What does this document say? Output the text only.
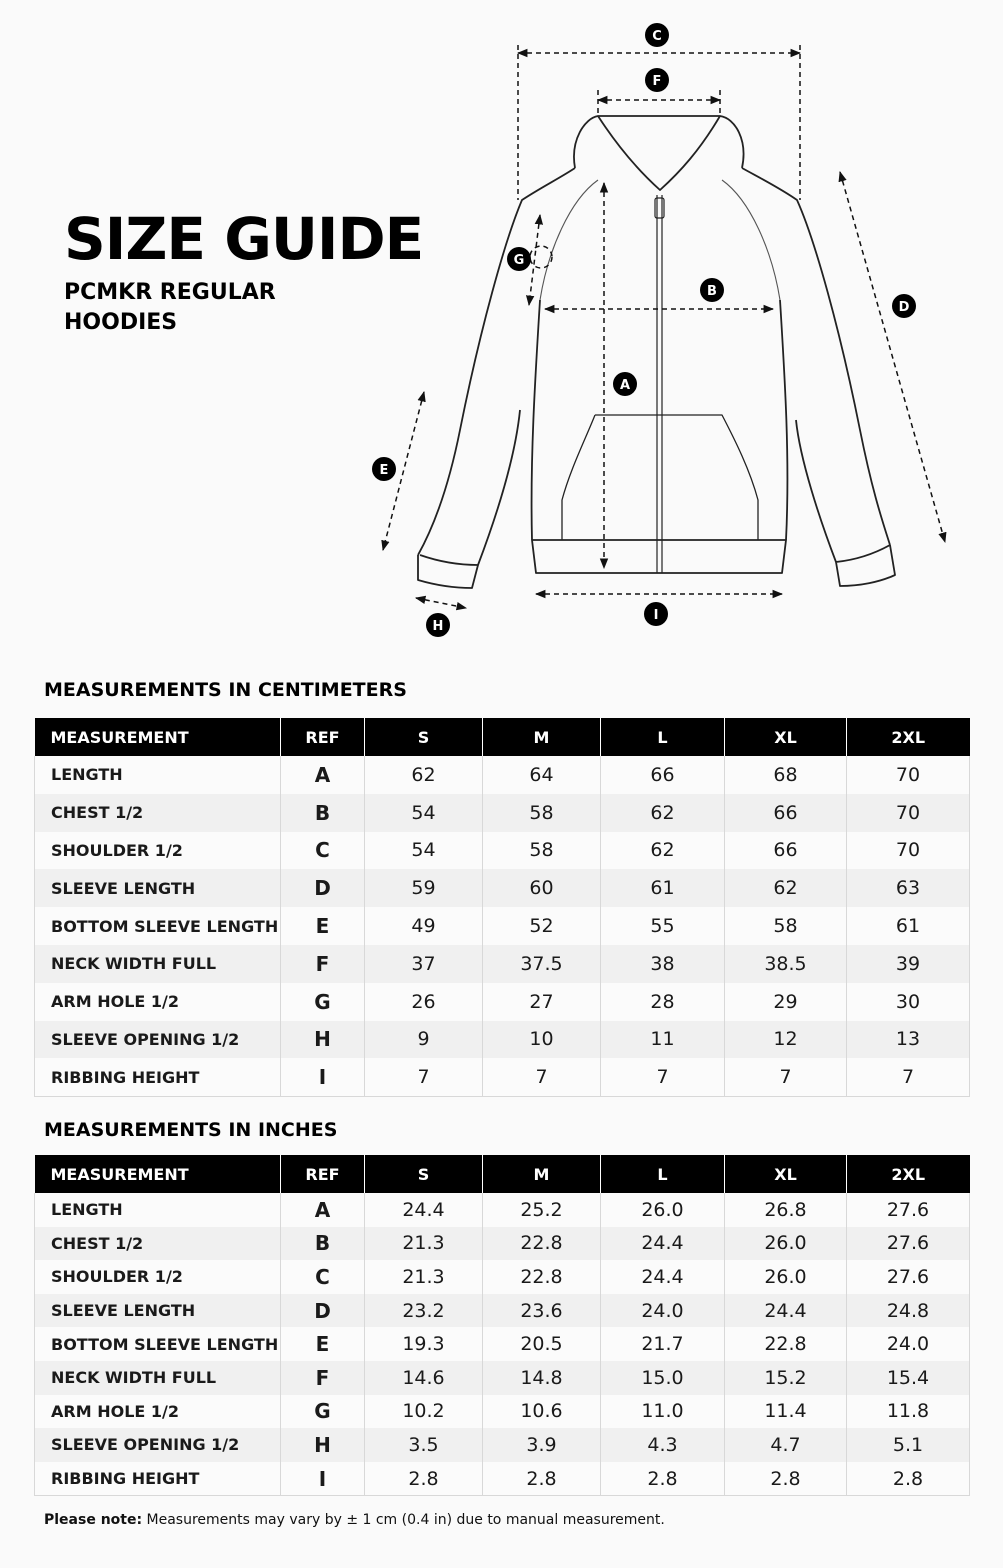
SIZE GUIDE
PCMKR REGULAR
HOODIES
C
F
B
D
G
A
E
I
H
MEASUREMENTS IN CENTIMETERS
MEASUREMENT	REF	S	M	L	XL	2XL
LENGTH	A	62	64	66	68	70
CHEST 1/2	B	54	58	62	66	70
SHOULDER 1/2	C	54	58	62	66	70
SLEEVE LENGTH	D	59	60	61	62	63
BOTTOM SLEEVE LENGTH	E	49	52	55	58	61
NECK WIDTH FULL	F	37	37.5	38	38.5	39
ARM HOLE 1/2	G	26	27	28	29	30
SLEEVE OPENING 1/2	H	9	10	11	12	13
RIBBING HEIGHT	I	7	7	7	7	7
MEASUREMENTS IN INCHES
MEASUREMENT	REF	S	M	L	XL	2XL
LENGTH	A	24.4	25.2	26.0	26.8	27.6
CHEST 1/2	B	21.3	22.8	24.4	26.0	27.6
SHOULDER 1/2	C	21.3	22.8	24.4	26.0	27.6
SLEEVE LENGTH	D	23.2	23.6	24.0	24.4	24.8
BOTTOM SLEEVE LENGTH	E	19.3	20.5	21.7	22.8	24.0
NECK WIDTH FULL	F	14.6	14.8	15.0	15.2	15.4
ARM HOLE 1/2	G	10.2	10.6	11.0	11.4	11.8
SLEEVE OPENING 1/2	H	3.5	3.9	4.3	4.7	5.1
RIBBING HEIGHT	I	2.8	2.8	2.8	2.8	2.8
Please note: Measurements may vary by ± 1 cm (0.4 in) due to manual measurement.
